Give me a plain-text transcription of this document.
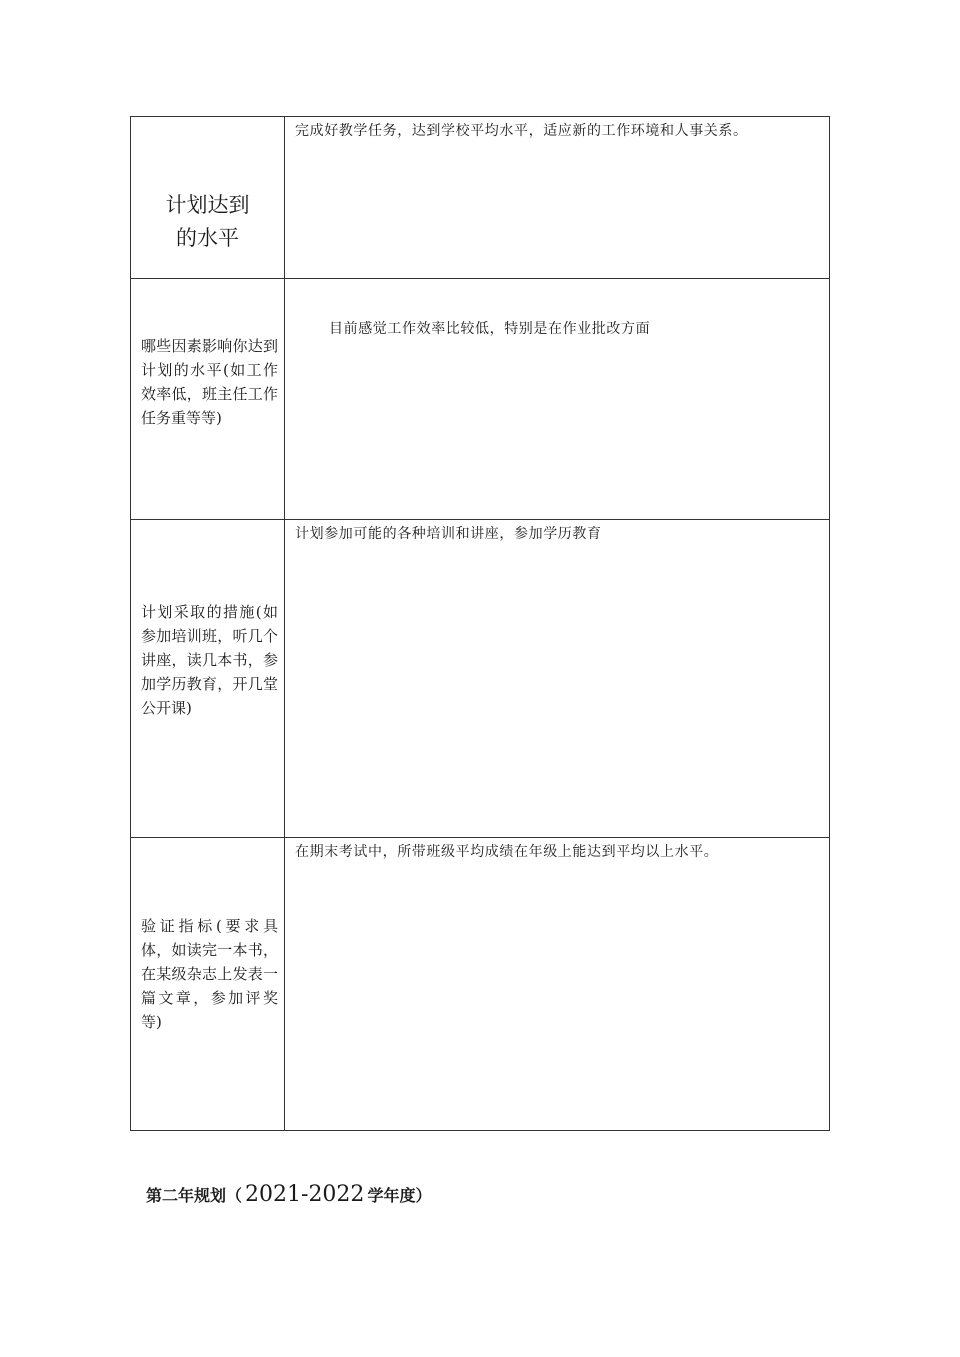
计划达到的水平	完成好教学任务，达到学校平均水平，适应新的工作环境和人事关系。

哪些因素影响你达到计划的水平(如工作效率低，班主任工作任务重等等)	目前感觉工作效率比较低，特别是在作业批改方面

计划采取的措施(如参加培训班，听几个讲座，读几本书，参加学历教育，开几堂公开课)	计划参加可能的各种培训和讲座，参加学历教育

验证指标(要求具体，如读完一本书，在某级杂志上发表一篇文章，参加评奖等)	在期末考试中，所带班级平均成绩在年级上能达到平均以上水平。
第二年规划（ 2021-2022 学年度）
